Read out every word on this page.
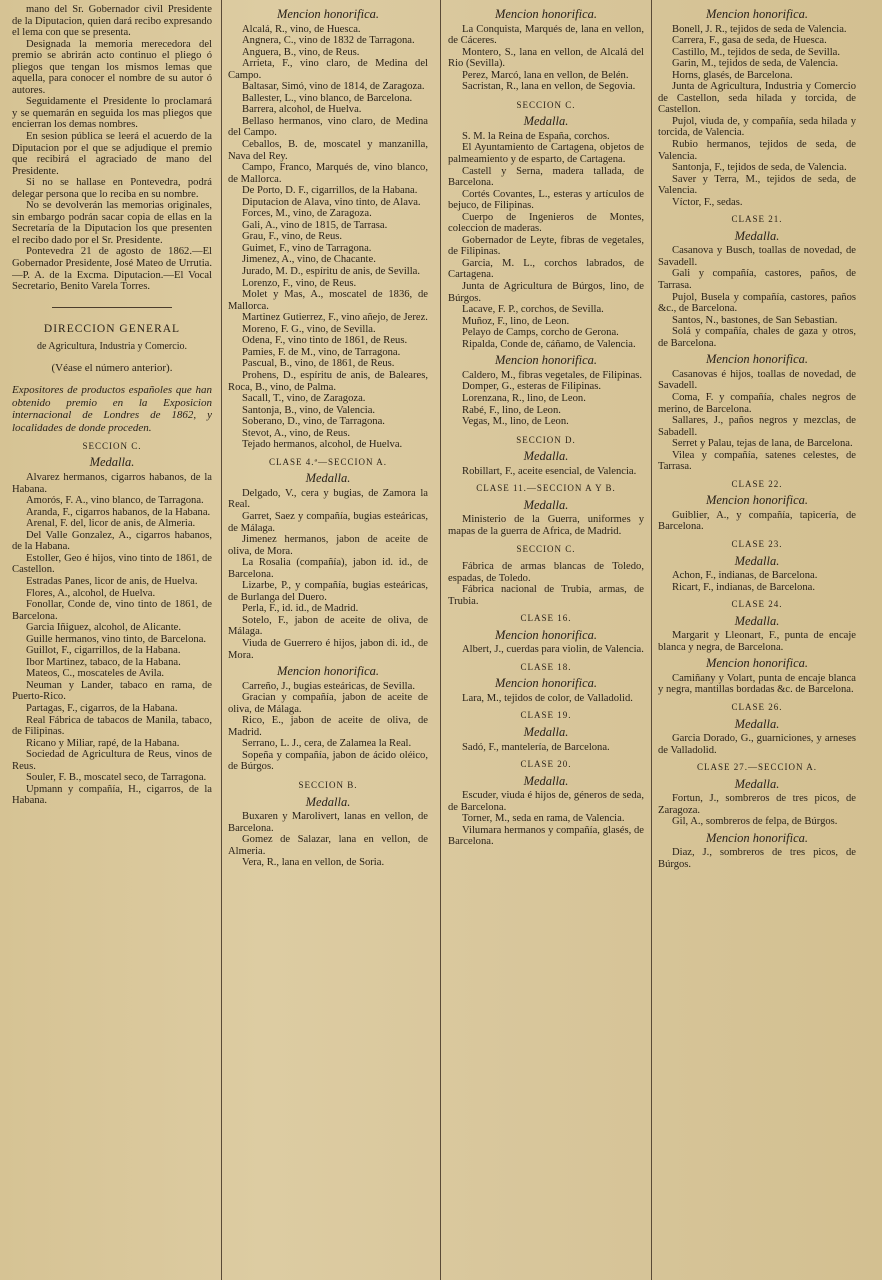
mano del Sr. Gobernador civil Presidente de la Diputacion, quien dará recibo expresando el lema con que se presenta.
Designada la memoria merecedora del premio se abrirán acto continuo el pliego ó pliegos que tengan los mismos lemas que aquella, para conocer el nombre de su autor ó autores.
Seguidamente el Presidente lo proclamará y se quemarán en seguida los mas pliegos que encierran los demas nombres.
En sesion pública se leerá el acuerdo de la Diputacion por el que se adjudique el premio que recibirá el agraciado de mano del Presidente.
Si no se hallase en Pontevedra, podrá delegar persona que lo reciba en su nombre.
No se devolverán las memorias originales, sin embargo podrán sacar copia de ellas en la Secretaría de la Diputacion los que presenten el recibo dado por el Sr. Presidente.
Pontevedra 21 de agosto de 1862.—El Gobernador Presidente, José Mateo de Urrutia.—P. A. de la Excma. Diputacion.—El Vocal Secretario, Benito Varela Torres.
DIRECCION GENERAL
de Agricultura, Industria y Comercio.
(Véase el número anterior).
Expositores de productos españoles que han obtenido premio en la Exposicion internacional de Londres de 1862, y localidades de donde proceden.
SECCION C.
Medalla.
Alvarez hermanos, cigarros habanos, de la Habana.
Amorós, F. A., vino blanco, de Tarragona.
Aranda, F., cigarros habanos, de la Habana.
Arenal, F. del, licor de anis, de Almeria.
Del Valle Gonzalez, A., cigarros habanos, de la Habana.
Estoller, Geo é hijos, vino tinto de 1861, de Castellon.
Estradas Panes, licor de anis, de Huelva.
Flores, A., alcohol, de Huelva.
Fonollar, Conde de, vino tinto de 1861, de Barcelona.
Garcia Iñiguez, alcohol, de Alicante.
Guille hermanos, vino tinto, de Barcelona.
Guillot, F., cigarrillos, de la Habana.
Ibor Martinez, tabaco, de la Habana.
Mateos, C., moscateles de Avila.
Neuman y Lander, tabaco en rama, de Puerto-Rico.
Partagas, F., cigarros, de la Habana.
Real Fábrica de tabacos de Manila, tabaco, de Filipinas.
Ricano y Miliar, rapé, de la Habana.
Sociedad de Agricultura de Reus, vinos de Reus.
Souler, F. B., moscatel seco, de Tarragona.
Upmann y compañía, H., cigarros, de la Habana.
Mencion honorifica.
Alcalá, R., vino, de Huesca.
Angnera, C., vino de 1832 de Tarragona.
Anguera, B., vino, de Reus.
Arrieta, F., vino claro, de Medina del Campo.
Baltasar, Simó, vino de 1814, de Zaragoza.
Ballester, L., vino blanco, de Barcelona.
Barrera, alcohol, de Huelva.
Bellaso hermanos, vino claro, de Medina del Campo.
Ceballos, B. de, moscatel y manzanilla, Nava del Rey.
Campo, Franco, Marqués de, vino blanco, de Mallorca.
De Porto, D. F., cigarrillos, de la Habana.
Diputacion de Alava, vino tinto, de Alava.
Forces, M., vino, de Zaragoza.
Gali, A., vino de 1815, de Tarrasa.
Grau, F., vino, de Reus.
Guimet, F., vino de Tarragona.
Jimenez, A., vino, de Chacante.
Jurado, M. D., espíritu de anis, de Sevilla.
Lorenzo, F., vino, de Reus.
Molet y Mas, A., moscatel de 1836, de Mallorca.
Martinez Gutierrez, F., vino añejo, de Jerez.
Moreno, F. G., vino, de Sevilla.
Odena, F., vino tinto de 1861, de Reus.
Pamies, F. de M., vino, de Tarragona.
Pascual, B., vino, de 1861, de Reus.
Prohens, D., espíritu de anis, de Baleares, Roca, B., vino, de Palma.
Sacall, T., vino, de Zaragoza.
Santonja, B., vino, de Valencia.
Soberano, D., vino, de Tarragona.
Stevot, A., vino, de Reus.
Tejado hermanos, alcohol, de Huelva.
CLASE 4.ª—SECCION A.
Medalla.
Delgado, V., cera y bugias, de Zamora la Real.
Garret, Saez y compañía, bugias esteáricas, de Málaga.
Jimenez hermanos, jabon de aceite de oliva, de Mora.
La Rosalia (compañía), jabon id. id., de Barcelona.
Lizarbe, P., y compañía, bugias esteáricas, de Burlanga del Duero.
Perla, F., id. id., de Madrid.
Sotelo, F., jabon de aceite de oliva, de Málaga.
Viuda de Guerrero é hijos, jabon di. id., de Mora.
Mencion honorifica.
Carreño, J., bugias esteáricas, de Sevilla.
Gracian y compañía, jabon de aceite de oliva, de Málaga.
Rico, E., jabon de aceite de oliva, de Madrid.
Serrano, L. J., cera, de Zalamea la Real.
Sopeña y compañía, jabon de ácido oléico, de Búrgos.
SECCION B.
Medalla.
Buxaren y Marolivert, lanas en vellon, de Barcelona.
Gomez de Salazar, lana en vellon, de Almeria.
Vera, R., lana en vellon, de Soria.
Mencion honorifica.
La Conquista, Marqués de, lana en vellon, de Cáceres.
Montero, S., lana en vellon, de Alcalá del Rio (Sevilla).
Perez, Marcó, lana en vellon, de Belén.
Sacristan, R., lana en vellon, de Segovia.
SECCION C.
Medalla.
S. M. la Reina de España, corchos.
El Ayuntamiento de Cartagena, objetos de palmeamiento y de esparto, de Cartagena.
Castell y Serna, madera tallada, de Barcelona.
Cortés Covantes, L., esteras y artículos de bejuco, de Filipinas.
Cuerpo de Ingenieros de Montes, coleccion de maderas.
Gobernador de Leyte, fibras de vegetales, de Filipinas.
Garcia, M. L., corchos labrados, de Cartagena.
Junta de Agricultura de Búrgos, lino, de Búrgos.
Lacave, F. P., corchos, de Sevilla.
Muñoz, F., lino, de Leon.
Pelayo de Camps, corcho de Gerona.
Ripalda, Conde de, cáñamo, de Valencia.
Mencion honorifica.
Caldero, M., fibras vegetales, de Filipinas.
Domper, G., esteras de Filipinas.
Lorenzana, R., lino, de Leon.
Rabé, F., lino, de Leon.
Vegas, M., lino, de Leon.
SECCION D.
Medalla.
Robillart, F., aceite esencial, de Valencia.
CLASE 11.—SECCION A Y B.
Medalla.
Ministerio de la Guerra, uniformes y mapas de la guerra de Africa, de Madrid.
SECCION C.
Fábrica de armas blancas de Toledo, espadas, de Toledo.
Fábrica nacional de Trubia, armas, de Trubia.
CLASE 16.
Mencion honorifica.
Albert, J., cuerdas para violin, de Valencia.
CLASE 18.
Mencion honorifica.
Lara, M., tejidos de color, de Valladolid.
CLASE 19.
Medalla.
Sadó, F., mantelería, de Barcelona.
CLASE 20.
Medalla.
Escuder, viuda é hijos de, géneros de seda, de Barcelona.
Torner, M., seda en rama, de Valencia.
Vilumara hermanos y compañía, glasés, de Barcelona.
Mencion honorifica.
Bonell, J. R., tejidos de seda de Valencia.
Carrera, F., gasa de seda, de Huesca.
Castillo, M., tejidos de seda, de Sevilla.
Garin, M., tejidos de seda, de Valencia.
Horns, glasés, de Barcelona.
Junta de Agricultura, Industria y Comercio de Castellon, seda hilada y torcida, de Castellon.
Pujol, viuda de, y compañía, seda hilada y torcida, de Valencia.
Rubio hermanos, tejidos de seda, de Valencia.
Santonja, F., tejidos de seda, de Valencia.
Saver y Terra, M., tejidos de seda, de Valencia.
Víctor, F., sedas.
CLASE 21.
Medalla.
Casanova y Busch, toallas de novedad, de Savadell.
Gali y compañía, castores, paños, de Tarrasa.
Pujol, Busela y compañía, castores, paños &c., de Barcelona.
Santos, N., bastones, de San Sebastian.
Solá y compañía, chales de gaza y otros, de Barcelona.
Mencion honorifica.
Casanovas é hijos, toallas de novedad, de Savadell.
Coma, F. y compañía, chales negros de merino, de Barcelona.
Sallares, J., paños negros y mezclas, de Sabadell.
Serret y Palau, tejas de lana, de Barcelona.
Vilea y compañía, satenes celestes, de Tarrasa.
CLASE 22.
Mencion honorifica.
Guiblier, A., y compañía, tapicería, de Barcelona.
CLASE 23.
Medalla.
Achon, F., indianas, de Barcelona.
Ricart, F., indianas, de Barcelona.
CLASE 24.
Medalla.
Margarit y Lleonart, F., punta de encaje blanca y negra, de Barcelona.
Mencion honorifica.
Camiñany y Volart, punta de encaje blanca y negra, mantillas bordadas &c. de Barcelona.
CLASE 26.
Medalla.
Garcia Dorado, G., guarniciones, y arneses de Valladolid.
CLASE 27.—SECCION A.
Medalla.
Fortun, J., sombreros de tres picos, de Zaragoza.
Gil, A., sombreros de felpa, de Búrgos.
Mencion honorifica.
Diaz, J., sombreros de tres picos, de Búrgos.
